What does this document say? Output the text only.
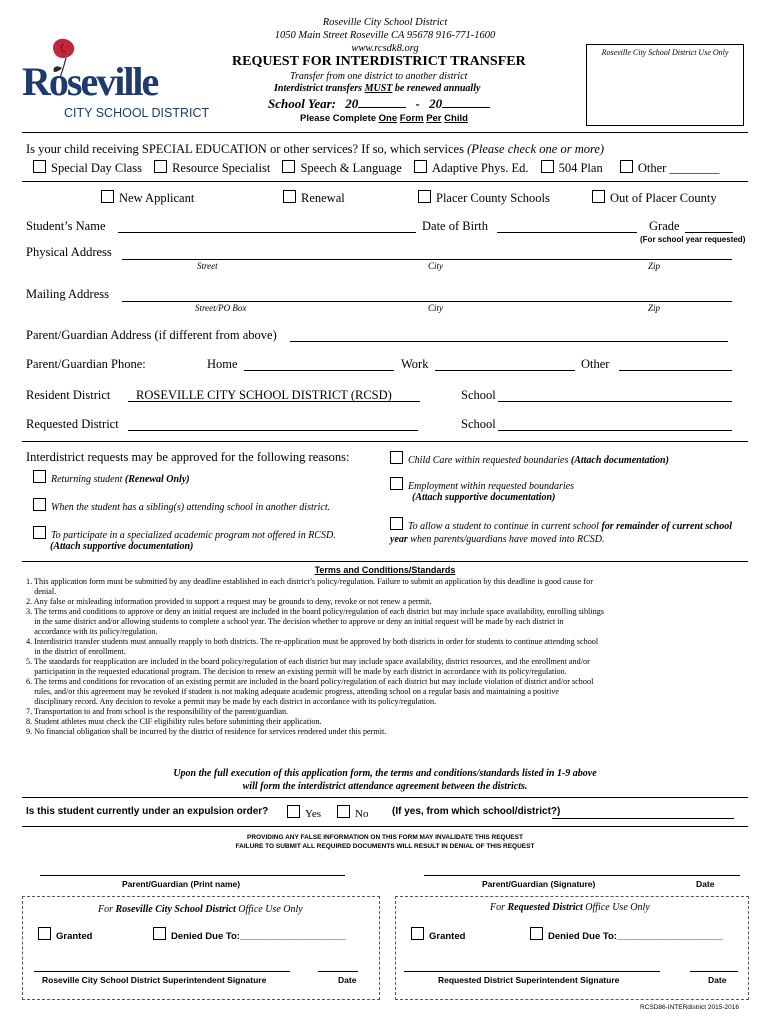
Roseville
CITY SCHOOL DISTRICT
Roseville City School District
1050 Main Street Roseville CA 95678 916-771-1600
www.rcsdk8.org	Roseville City School District Use Only
REQUEST FOR INTERDISTRICT TRANSFER
Transfer from one district to another district
Interdistrict transfers MUST be renewed annually
School Year: 20	- 20
Please Complete One Form Per Child
Is your child receiving SPECIAL EDUCATION or other services? If so, which services (Please check one or more)
Special Day Class Resource Specialist Speech & Language Adaptive Phys. Ed. 504 Plan	Other ________
New Applicant	Renewal	Placer County Schools	Out of Placer County
Student’s Name	Date of Birth	Grade
(For school year requested)
Physical Address
Street	City	Zip
Mailing Address
Street/PO Box	City	Zip
Parent/Guardian Address (if different from above)
Parent/Guardian Phone:	Home	Work	Other
Resident District ROSEVILLE CITY SCHOOL DISTRICT (RCSD)	School
Requested District	School
Interdistrict requests may be approved for the following reasons:
Returning student (Renewal Only)
When the student has a sibling(s) attending school in another district.
To participate in a specialized academic program not offered in RCSD.
(Attach supportive documentation)
Child Care within requested boundaries (Attach documentation)
Employment within requested boundaries
(Attach supportive documentation)
To allow a student to continue in current school for remainder of current school year when parents/guardians have moved into RCSD.
Terms and Conditions/Standards
1. This application form must be submitted by any deadline established in each district’s policy/regulation. Failure to submit an application by this deadline is good cause for
denial.
2. Any false or misleading information provided to support a request may be grounds to deny, revoke or not renew a permit.
3. The terms and conditions to approve or deny an initial request are included in the board policy/regulation of each district but may include space availability, enrolling siblings
in the same district and/or allowing students to complete a school year. The decision whether to approve or deny an initial request will be made by each district in
accordance with its policy/regulation.
4. Interdistrict transfer students must annually reapply to both districts. The re-application must be approved by both districts in order for students to continue attending school
in the district of enrollment.
5. The standards for reapplication are included in the board policy/regulation of each district but may include space availability, district resources, and the enrollment and/or
participation in the requested educational program. The decision to renew an existing permit will be made by each district in accordance with its policy/regulation.
6. The terms and conditions for revocation of an existing permit are included in the board policy/regulation of each district but may include violation of district and/or school
rules, and/or this agreement may be revoked if student is not making adequate academic progress, attending school on a regular basis and maintaining a positive
disciplinary record. Any decision to revoke a permit may be made by each district in accordance with its policy/regulation.
7. Transportation to and from school is the responsibility of the parent/guardian.
8. Student athletes must check the CIF eligibility rules before submitting their application.
9. No financial obligation shall be incurred by the district of residence for services rendered under this permit.
Upon the full execution of this application form, the terms and conditions/standards listed in 1-9 above
will form the interdistrict attendance agreement between the districts.
Is this student currently under an expulsion order?	Yes	No (If yes, from which school/district?)
PROVIDING ANY FALSE INFORMATION ON THIS FORM MAY INVALIDATE THIS REQUEST
FAILURE TO SUBMIT ALL REQUIRED DOCUMENTS WILL RESULT IN DENIAL OF THIS REQUEST
Parent/Guardian (Print name)	Parent/Guardian (Signature)	Date
For Roseville City School District Office Use Only
Granted	Denied Due To:____________________
Roseville City School District Superintendent Signature	Date
For Requested District Office Use Only
Granted	Denied Due To:____________________
Requested District Superintendent Signature	Date
RCSD86-INTERdistrict 2015-2016
